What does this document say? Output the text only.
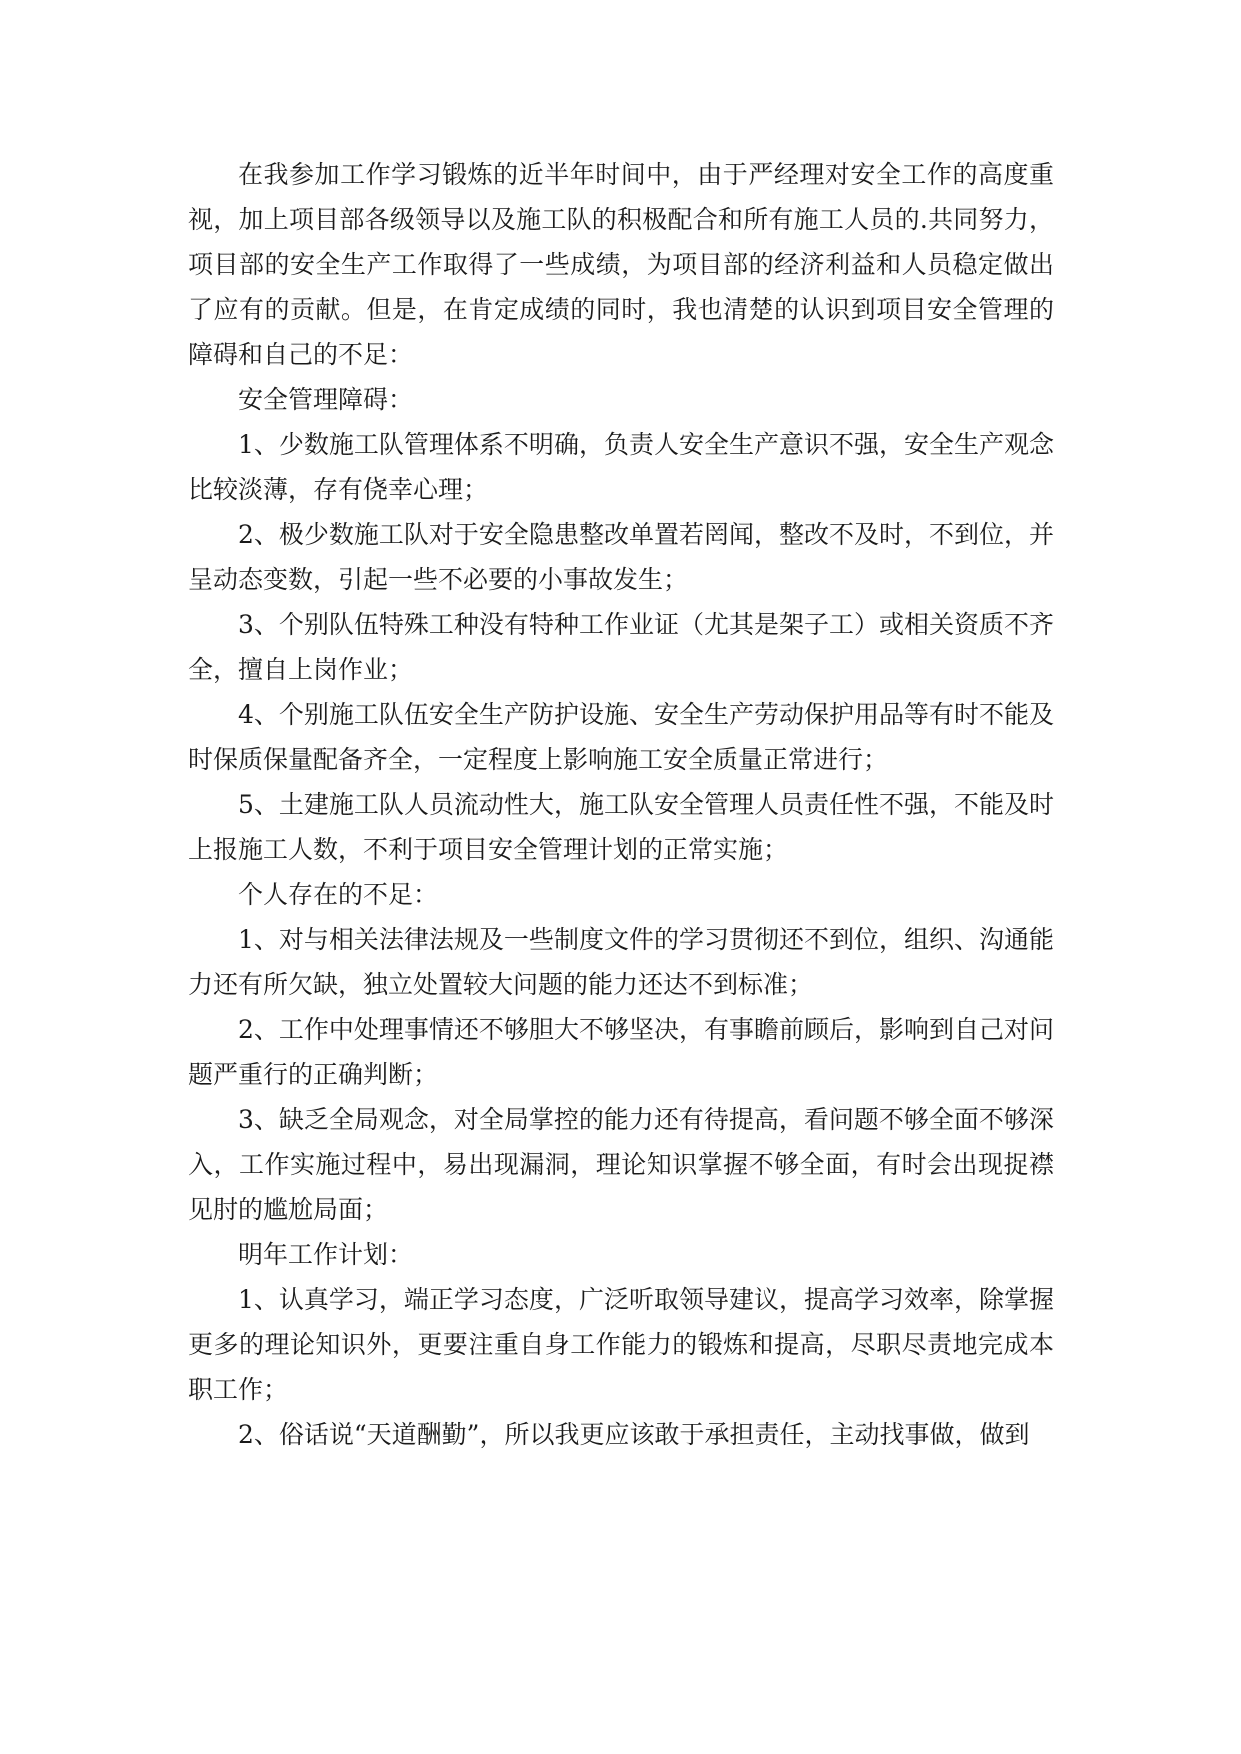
在我参加工作学习锻炼的近半年时间中，由于严经理对安全工作的高度重视，加上项目部各级领导以及施工队的积极配合和所有施工人员的.共同努力，项目部的安全生产工作取得了一些成绩，为项目部的经济利益和人员稳定做出了应有的贡献。但是，在肯定成绩的同时，我也清楚的认识到项目安全管理的障碍和自己的不足：

安全管理障碍：

1、少数施工队管理体系不明确，负责人安全生产意识不强，安全生产观念比较淡薄，存有侥幸心理；

2、极少数施工队对于安全隐患整改单置若罔闻，整改不及时，不到位，并呈动态变数，引起一些不必要的小事故发生；

3、个别队伍特殊工种没有特种工作业证（尤其是架子工）或相关资质不齐全，擅自上岗作业；

4、个别施工队伍安全生产防护设施、安全生产劳动保护用品等有时不能及时保质保量配备齐全，一定程度上影响施工安全质量正常进行；

5、土建施工队人员流动性大，施工队安全管理人员责任性不强，不能及时上报施工人数，不利于项目安全管理计划的正常实施；

个人存在的不足：

1、对与相关法律法规及一些制度文件的学习贯彻还不到位，组织、沟通能力还有所欠缺，独立处置较大问题的能力还达不到标准；

2、工作中处理事情还不够胆大不够坚决，有事瞻前顾后，影响到自己对问题严重行的正确判断；

3、缺乏全局观念，对全局掌控的能力还有待提高，看问题不够全面不够深

入，工作实施过程中，易出现漏洞，理论知识掌握不够全面，有时会出现捉襟见肘的尴尬局面；

明年工作计划：

1、认真学习，端正学习态度，广泛听取领导建议，提高学习效率，除掌握更多的理论知识外，更要注重自身工作能力的锻炼和提高，尽职尽责地完成本职工作；

2、俗话说“天道酬勤”，所以我更应该敢于承担责任，主动找事做，做到
